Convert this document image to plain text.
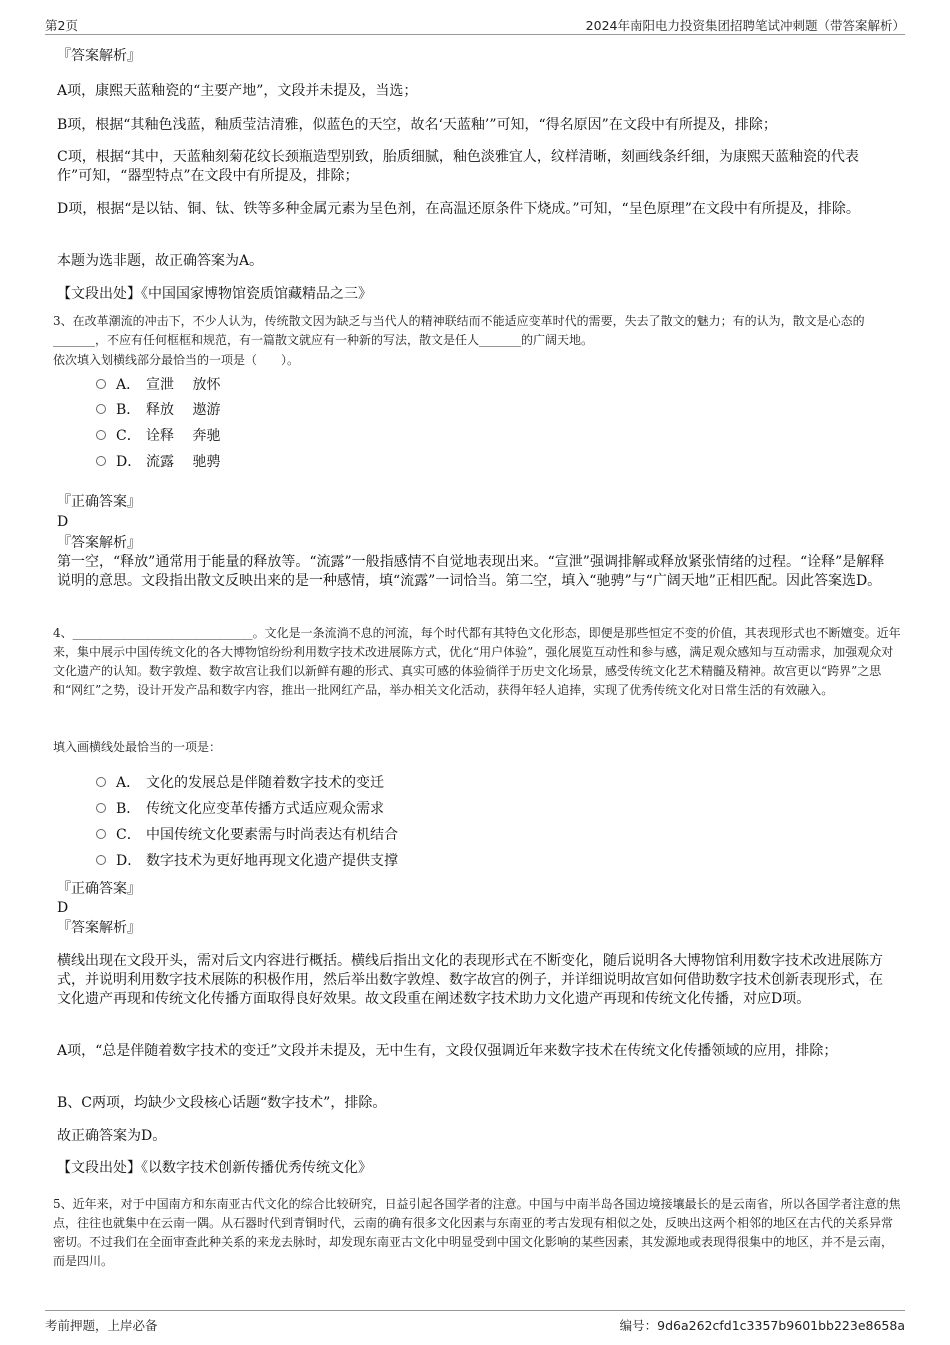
第2页	2024年南阳电力投资集团招聘笔试冲刺题（带答案解析）

『答案解析』

A项，康熙天蓝釉瓷的“主要产地”，文段并未提及，当选；

B项，根据“其釉色浅蓝，釉质莹洁清雅，似蓝色的天空，故名‘天蓝釉’”可知，“得名原因”在文段中有所提及，排除；

C项，根据“其中，天蓝釉刻菊花纹长颈瓶造型别致，胎质细腻，釉色淡雅宜人，纹样清晰，刻画线条纤细，为康熙天蓝釉瓷的代表作”可知，“器型特点”在文段中有所提及，排除；

D项，根据“是以钴、铜、钛、铁等多种金属元素为呈色剂，在高温还原条件下烧成。”可知，“呈色原理”在文段中有所提及，排除。

本题为选非题，故正确答案为A。

【文段出处】《中国国家博物馆瓷质馆藏精品之三》

3、在改革潮流的冲击下，不少人认为，传统散文因为缺乏与当代人的精神联结而不能适应变革时代的需要，失去了散文的魅力；有的认为，散文是心态的_______，不应有任何框框和规范，有一篇散文就应有一种新的写法，散文是任人_______的广阔天地。

依次填入划横线部分最恰当的一项是（　　）。

A． 宣泄　 放怀
B． 释放　 遨游
C． 诠释　 奔驰
D． 流露　 驰骋

『正确答案』

D

『答案解析』

第一空，“释放”通常用于能量的释放等。“流露”一般指感情不自觉地表现出来。“宣泄”强调排解或释放紧张情绪的过程。“诠释”是解释说明的意思。文段指出散文反映出来的是一种感情，填“流露”一词恰当。第二空，填入“驰骋”与“广阔天地”正相匹配。因此答案选D。

4、______________________________。文化是一条流淌不息的河流，每个时代都有其特色文化形态，即便是那些恒定不变的价值，其表现形式也不断嬗变。近年来，集中展示中国传统文化的各大博物馆纷纷利用数字技术改进展陈方式，优化“用户体验”，强化展览互动性和参与感，满足观众感知与互动需求，加强观众对文化遗产的认知。数字敦煌、数字故宫让我们以新鲜有趣的形式、真实可感的体验徜徉于历史文化场景，感受传统文化艺术精髓及精神。故宫更以“跨界”之思和“网红”之势，设计开发产品和数字内容，推出一批网红产品，举办相关文化活动，获得年轻人追捧，实现了优秀传统文化对日常生活的有效融入。

填入画横线处最恰当的一项是：

A． 文化的发展总是伴随着数字技术的变迁
B． 传统文化应变革传播方式适应观众需求
C． 中国传统文化要素需与时尚表达有机结合
D． 数字技术为更好地再现文化遗产提供支撑

『正确答案』

D

『答案解析』

横线出现在文段开头，需对后文内容进行概括。横线后指出文化的表现形式在不断变化，随后说明各大博物馆利用数字技术改进展陈方式，并说明利用数字技术展陈的积极作用，然后举出数字敦煌、数字故宫的例子，并详细说明故宫如何借助数字技术创新表现形式，在文化遗产再现和传统文化传播方面取得良好效果。故文段重在阐述数字技术助力文化遗产再现和传统文化传播，对应D项。

A项，“总是伴随着数字技术的变迁”文段并未提及，无中生有，文段仅强调近年来数字技术在传统文化传播领域的应用，排除；

B、C两项，均缺少文段核心话题“数字技术”，排除。

故正确答案为D。

【文段出处】《以数字技术创新传播优秀传统文化》

5、近年来，对于中国南方和东南亚古代文化的综合比较研究，日益引起各国学者的注意。中国与中南半岛各国边境接壤最长的是云南省，所以各国学者注意的焦点，往往也就集中在云南一隅。从石器时代到青铜时代，云南的确有很多文化因素与东南亚的考古发现有相似之处，反映出这两个相邻的地区在古代的关系异常密切。不过我们在全面审查此种关系的来龙去脉时，却发现东南亚古文化中明显受到中国文化影响的某些因素，其发源地或表现得很集中的地区，并不是云南，而是四川。

考前押题，上岸必备	编号：9d6a262cfd1c3357b9601bb223e8658a
